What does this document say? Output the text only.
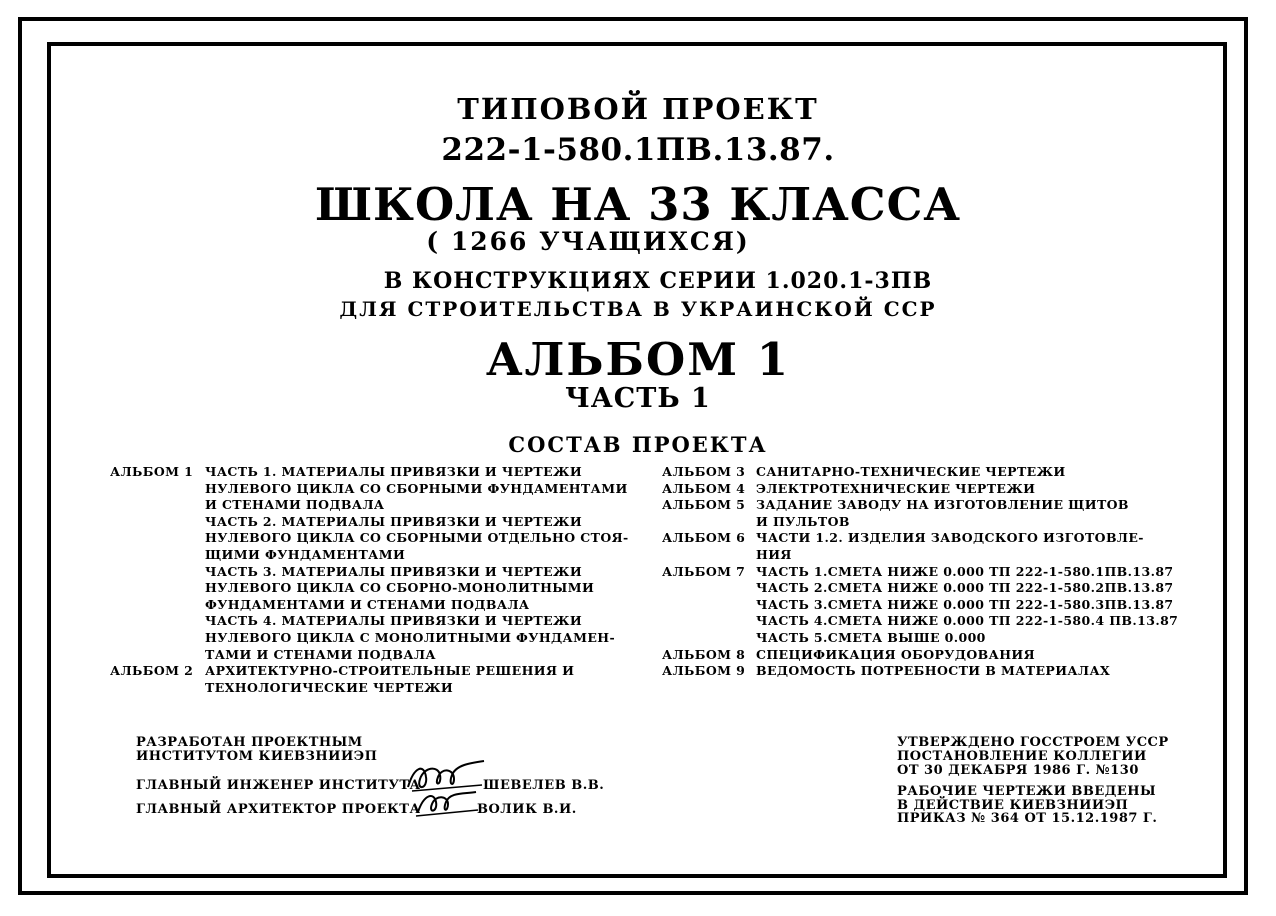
ТИПОВОЙ ПРОЕКТ
222-1-580.1ПВ.13.87.
ШКОЛА НА 33 КЛАССА
( 1266 УЧАЩИХСЯ)
В КОНСТРУКЦИЯХ СЕРИИ 1.020.1-3ПВ
ДЛЯ СТРОИТЕЛЬСТВА В УКРАИНСКОЙ ССР
АЛЬБОМ 1
ЧАСТЬ 1
СОСТАВ ПРОЕКТА
АЛЬБОМ 1 ЧАСТЬ 1. МАТЕРИАЛЫ ПРИВЯЗКИ И ЧЕРТЕЖИ
НУЛЕВОГО ЦИКЛА СО СБОРНЫМИ ФУНДАМЕНТАМИ
И СТЕНАМИ ПОДВАЛА
ЧАСТЬ 2. МАТЕРИАЛЫ ПРИВЯЗКИ И ЧЕРТЕЖИ
НУЛЕВОГО ЦИКЛА СО СБОРНЫМИ ОТДЕЛЬНО СТОЯ-
ЩИМИ ФУНДАМЕНТАМИ
ЧАСТЬ 3. МАТЕРИАЛЫ ПРИВЯЗКИ И ЧЕРТЕЖИ
НУЛЕВОГО ЦИКЛА СО СБОРНО-МОНОЛИТНЫМИ
ФУНДАМЕНТАМИ И СТЕНАМИ ПОДВАЛА
ЧАСТЬ 4. МАТЕРИАЛЫ ПРИВЯЗКИ И ЧЕРТЕЖИ
НУЛЕВОГО ЦИКЛА С МОНОЛИТНЫМИ ФУНДАМЕН-
ТАМИ И СТЕНАМИ ПОДВАЛА
АЛЬБОМ 2 АРХИТЕКТУРНО-СТРОИТЕЛЬНЫЕ РЕШЕНИЯ И
ТЕХНОЛОГИЧЕСКИЕ ЧЕРТЕЖИ
АЛЬБОМ 3 САНИТАРНО-ТЕХНИЧЕСКИЕ ЧЕРТЕЖИ
АЛЬБОМ 4 ЭЛЕКТРОТЕХНИЧЕСКИЕ ЧЕРТЕЖИ
АЛЬБОМ 5 ЗАДАНИЕ ЗАВОДУ НА ИЗГОТОВЛЕНИЕ ЩИТОВ
И ПУЛЬТОВ
АЛЬБОМ 6 ЧАСТИ 1.2. ИЗДЕЛИЯ ЗАВОДСКОГО ИЗГОТОВЛЕ-
НИЯ
АЛЬБОМ 7 ЧАСТЬ 1.СМЕТА НИЖЕ 0.000 ТП 222-1-580.1ПВ.13.87
ЧАСТЬ 2.СМЕТА НИЖЕ 0.000 ТП 222-1-580.2ПВ.13.87
ЧАСТЬ 3.СМЕТА НИЖЕ 0.000 ТП 222-1-580.3ПВ.13.87
ЧАСТЬ 4.СМЕТА НИЖЕ 0.000 ТП 222-1-580.4 ПВ.13.87
ЧАСТЬ 5.СМЕТА ВЫШЕ 0.000
АЛЬБОМ 8 СПЕЦИФИКАЦИЯ ОБОРУДОВАНИЯ
АЛЬБОМ 9 ВЕДОМОСТЬ ПОТРЕБНОСТИ В МАТЕРИАЛАХ
РАЗРАБОТАН ПРОЕКТНЫМ
ИНСТИТУТОМ КИЕВЗНИИЭП
ГЛАВНЫЙ ИНЖЕНЕР ИНСТИТУТА	ШЕВЕЛЕВ В.В.
ГЛАВНЫЙ АРХИТЕКТОР ПРОЕКТА	ВОЛИК В.И.
УТВЕРЖДЕНО ГОССТРОЕМ УССР
ПОСТАНОВЛЕНИЕ КОЛЛЕГИИ
ОТ 30 ДЕКАБРЯ 1986 Г. №130
РАБОЧИЕ ЧЕРТЕЖИ ВВЕДЕНЫ
В ДЕЙСТВИЕ КИЕВЗНИИЭП
ПРИКАЗ № 364 ОТ 15.12.1987 Г.
